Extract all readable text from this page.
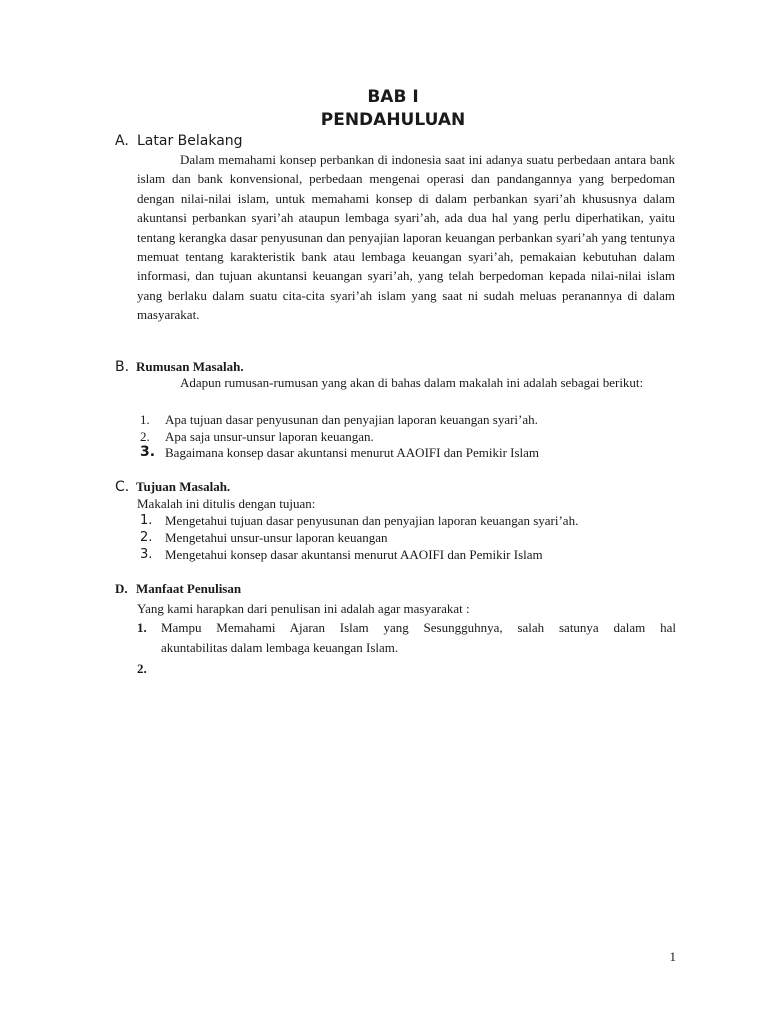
BAB I
PENDAHULUAN
A. Latar Belakang

Dalam memahami konsep perbankan di indonesia saat ini adanya suatu perbedaan antara bank islam dan bank konvensional, perbedaan mengenai operasi dan pandangannya yang berpedoman dengan nilai-nilai islam, untuk memahami konsep di dalam perbankan syari’ah khususnya dalam akuntansi perbankan syari’ah ataupun lembaga syari’ah, ada dua hal yang perlu diperhatikan, yaitu tentang kerangka dasar penyusunan dan penyajian laporan keuangan perbankan syari’ah yang tentunya memuat tentang karakteristik bank atau lembaga keuangan syari’ah, pemakaian kebutuhan dalam informasi, dan tujuan akuntansi keuangan syari’ah, yang telah berpedoman kepada nilai-nilai islam yang berlaku dalam suatu cita-cita syari’ah islam yang saat ni sudah meluas peranannya di dalam masyarakat.

B. Rumusan Masalah.

Adapun rumusan-rumusan yang akan di bahas dalam makalah ini adalah sebagai berikut:

1. Apa tujuan dasar penyusunan dan penyajian laporan keuangan syari’ah.
2. Apa saja unsur-unsur laporan keuangan.
3. Bagaimana konsep dasar akuntansi menurut AAOIFI dan Pemikir Islam
C. Tujuan Masalah.

Makalah ini ditulis dengan tujuan:

1. Mengetahui tujuan dasar penyusunan dan penyajian laporan keuangan syari’ah.
2. Mengetahui unsur-unsur laporan keuangan
3. Mengetahui konsep dasar akuntansi menurut AAOIFI dan Pemikir Islam
D. Manfaat Penulisan

Yang kami harapkan dari penulisan ini adalah agar masyarakat :

1. Mampu Memahami Ajaran Islam yang Sesungguhnya, salah satunya dalam hal
akuntabilitas dalam lembaga keuangan Islam.
2.
1
